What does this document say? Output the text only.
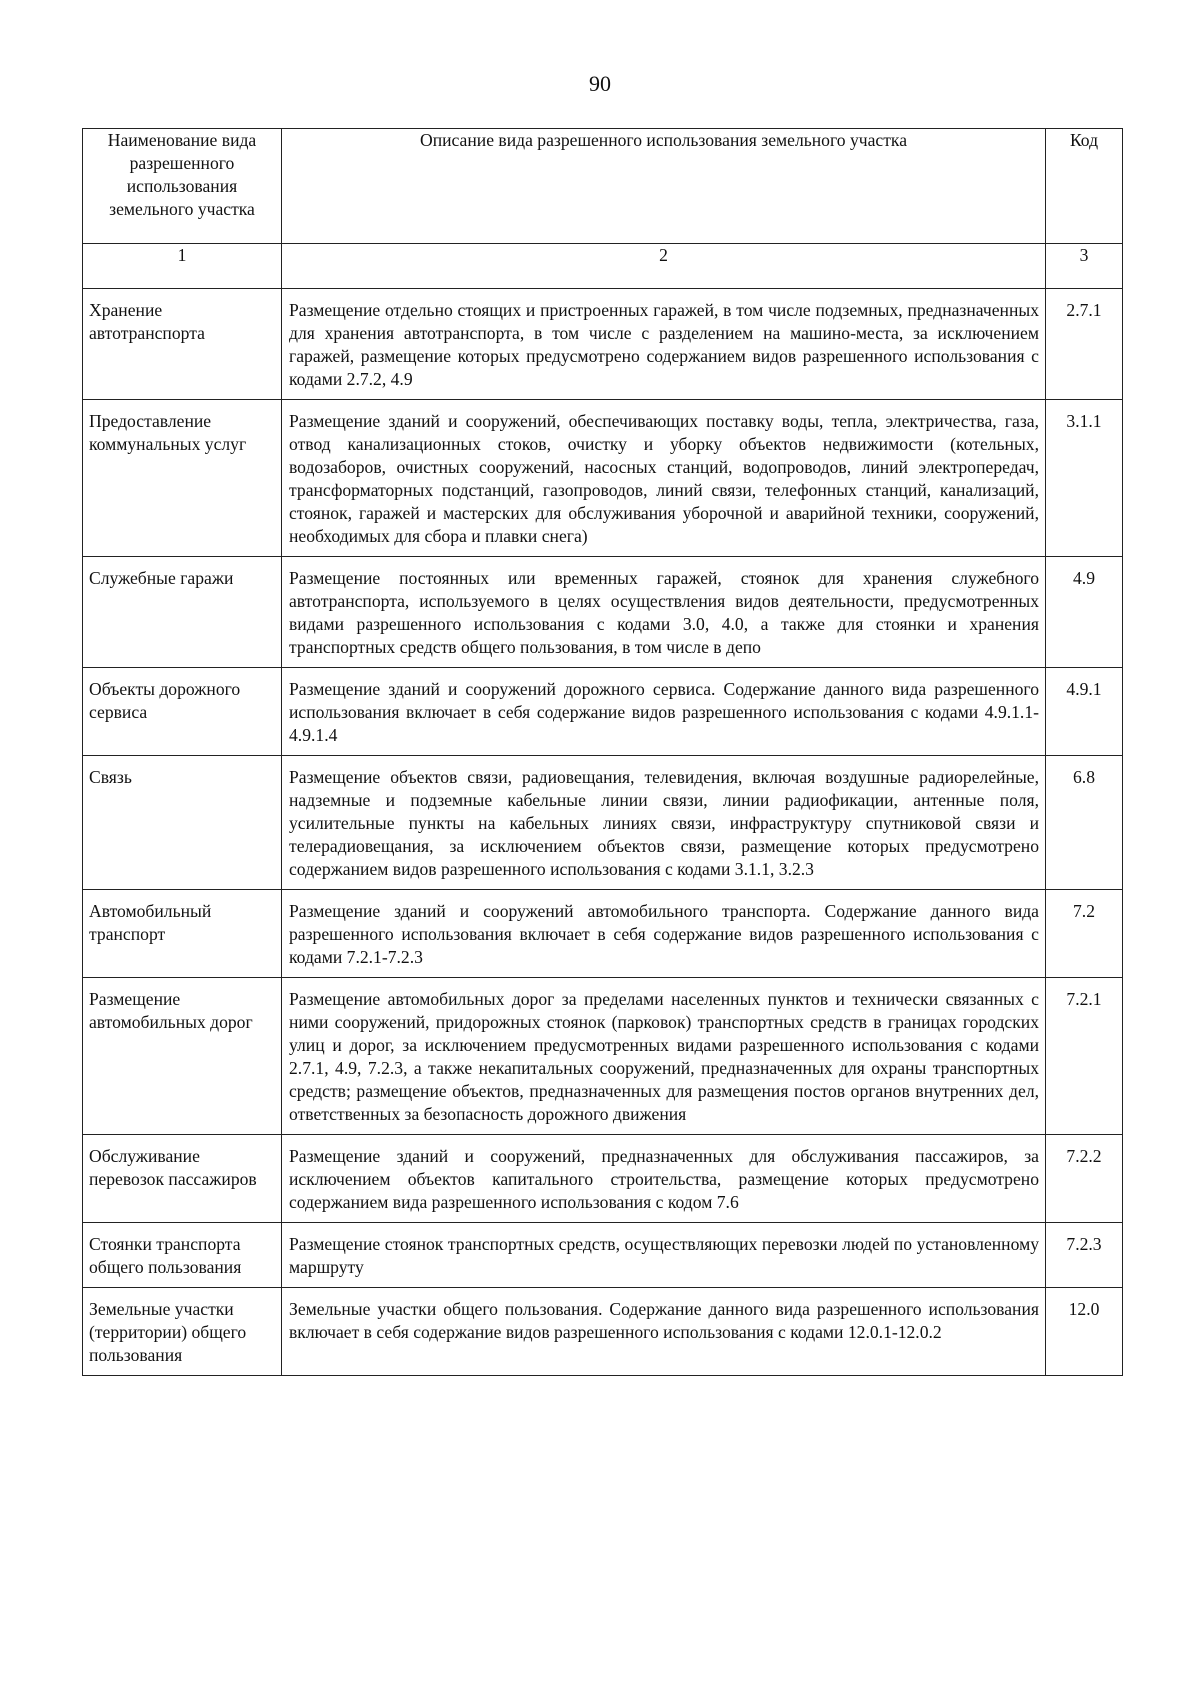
90
Наименование вида разрешенного использования земельного участка	Описание вида разрешенного использования земельного участка	Код
1	2	3
Хранение автотранспорта	Размещение отдельно стоящих и пристроенных гаражей, в том числе подземных, предназначенных для хранения автотранспорта, в том числе с разделением на машино-места, за исключением гаражей, размещение которых предусмотрено содержанием видов разрешенного использования с кодами 2.7.2, 4.9	2.7.1
Предоставление коммунальных услуг	Размещение зданий и сооружений, обеспечивающих поставку воды, тепла, электричества, газа, отвод канализационных стоков, очистку и уборку объектов недвижимости (котельных, водозаборов, очистных сооружений, насосных станций, водопроводов, линий электропередач, трансформаторных подстанций, газопроводов, линий связи, телефонных станций, канализаций, стоянок, гаражей и мастерских для обслуживания уборочной и аварийной техники, сооружений, необходимых для сбора и плавки снега)	3.1.1
Служебные гаражи	Размещение постоянных или временных гаражей, стоянок для хранения служебного автотранспорта, используемого в целях осуществления видов деятельности, предусмотренных видами разрешенного использования с кодами 3.0, 4.0, а также для стоянки и хранения транспортных средств общего пользования, в том числе в депо	4.9
Объекты дорожного сервиса	Размещение зданий и сооружений дорожного сервиса. Содержание данного вида разрешенного использования включает в себя содержание видов разрешенного использования с кодами 4.9.1.1-4.9.1.4	4.9.1
Связь	Размещение объектов связи, радиовещания, телевидения, включая воздушные радиорелейные, надземные и подземные кабельные линии связи, линии радиофикации, антенные поля, усилительные пункты на кабельных линиях связи, инфраструктуру спутниковой связи и телерадиовещания, за исключением объектов связи, размещение которых предусмотрено содержанием видов разрешенного использования с кодами 3.1.1, 3.2.3	6.8
Автомобильный транспорт	Размещение зданий и сооружений автомобильного транспорта. Содержание данного вида разрешенного использования включает в себя содержание видов разрешенного использования с кодами 7.2.1-7.2.3	7.2
Размещение автомобильных дорог	Размещение автомобильных дорог за пределами населенных пунктов и технически связанных с ними сооружений, придорожных стоянок (парковок) транспортных средств в границах городских улиц и дорог, за исключением предусмотренных видами разрешенного использования с кодами 2.7.1, 4.9, 7.2.3, а также некапитальных сооружений, предназначенных для охраны транспортных средств; размещение объектов, предназначенных для размещения постов органов внутренних дел, ответственных за безопасность дорожного движения	7.2.1
Обслуживание перевозок пассажиров	Размещение зданий и сооружений, предназначенных для обслуживания пассажиров, за исключением объектов капитального строительства, размещение которых предусмотрено содержанием вида разрешенного использования с кодом 7.6	7.2.2
Стоянки транспорта общего пользования	Размещение стоянок транспортных средств, осуществляющих перевозки людей по установленному маршруту	7.2.3
Земельные участки (территории) общего пользования	Земельные участки общего пользования. Содержание данного вида разрешенного использования включает в себя содержание видов разрешенного использования с кодами 12.0.1-12.0.2	12.0
